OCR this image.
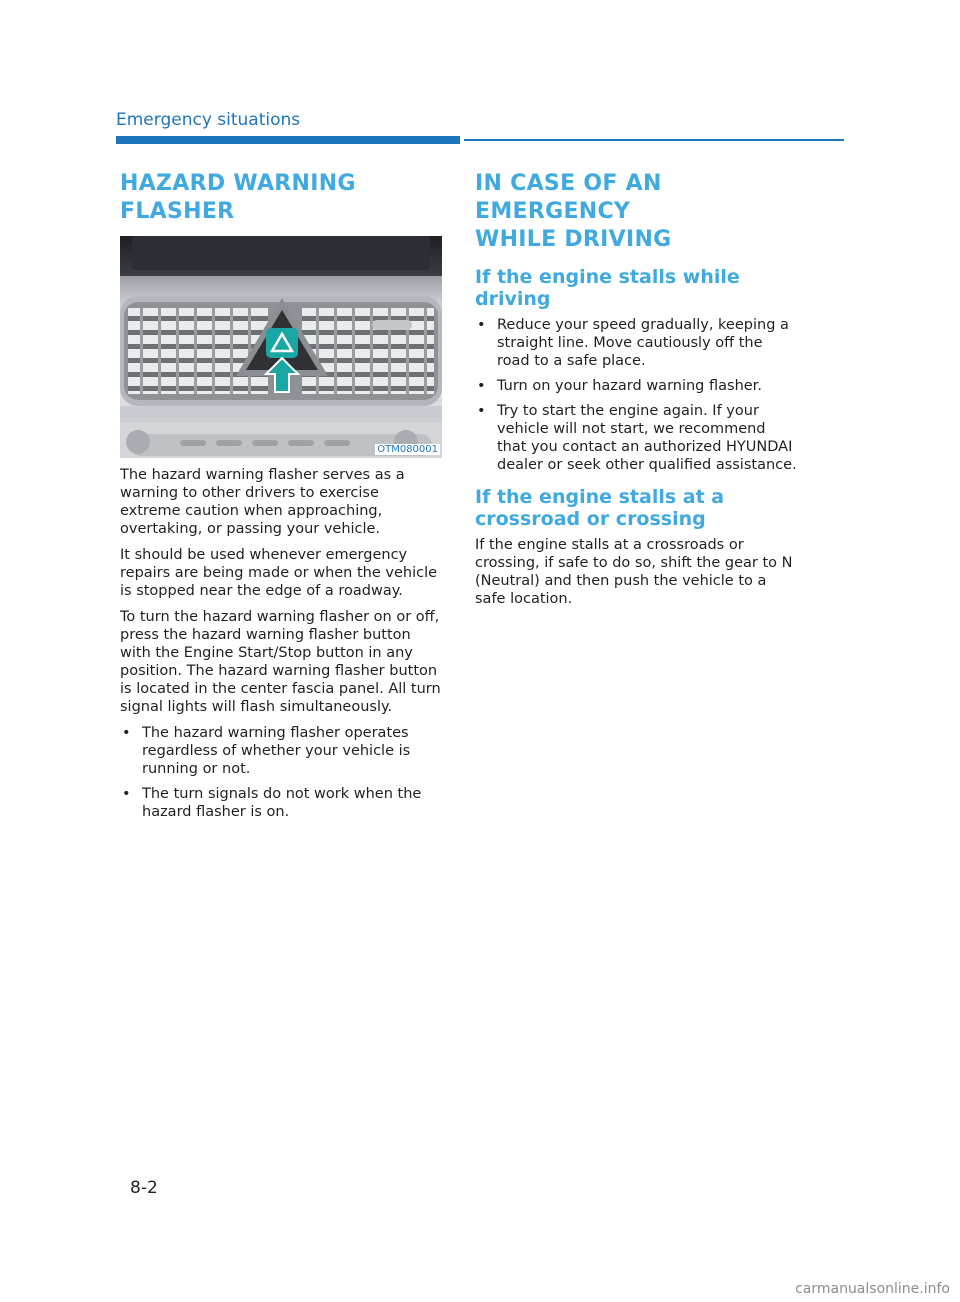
Emergency situations
HAZARD WARNING
FLASHER
OTM080001

The hazard warning flasher serves as a warning to other drivers to exercise extreme caution when approaching, overtaking, or passing your vehicle.

It should be used whenever emergency repairs are being made or when the vehicle is stopped near the edge of a roadway.

To turn the hazard warning flasher on or off, press the hazard warning flasher button with the Engine Start/Stop button in any position. The hazard warning flasher button is located in the center fascia panel. All turn signal lights will flash simultaneously.

• The hazard warning flasher operates regardless of whether your vehicle is running or not.
• The turn signals do not work when the hazard flasher is on.
IN CASE OF AN EMERGENCY
WHILE DRIVING
If the engine stalls while driving
• Reduce your speed gradually, keeping a straight line. Move cautiously off the road to a safe place.
• Turn on your hazard warning flasher.
• Try to start the engine again. If your vehicle will not start, we recommend that you contact an authorized HYUNDAI dealer or seek other qualified assistance.
If the engine stalls at a crossroad or crossing

If the engine stalls at a crossroads or crossing, if safe to do so, shift the gear to N (Neutral) and then push the vehicle to a safe location.

8-2
carmanualsonline.info
